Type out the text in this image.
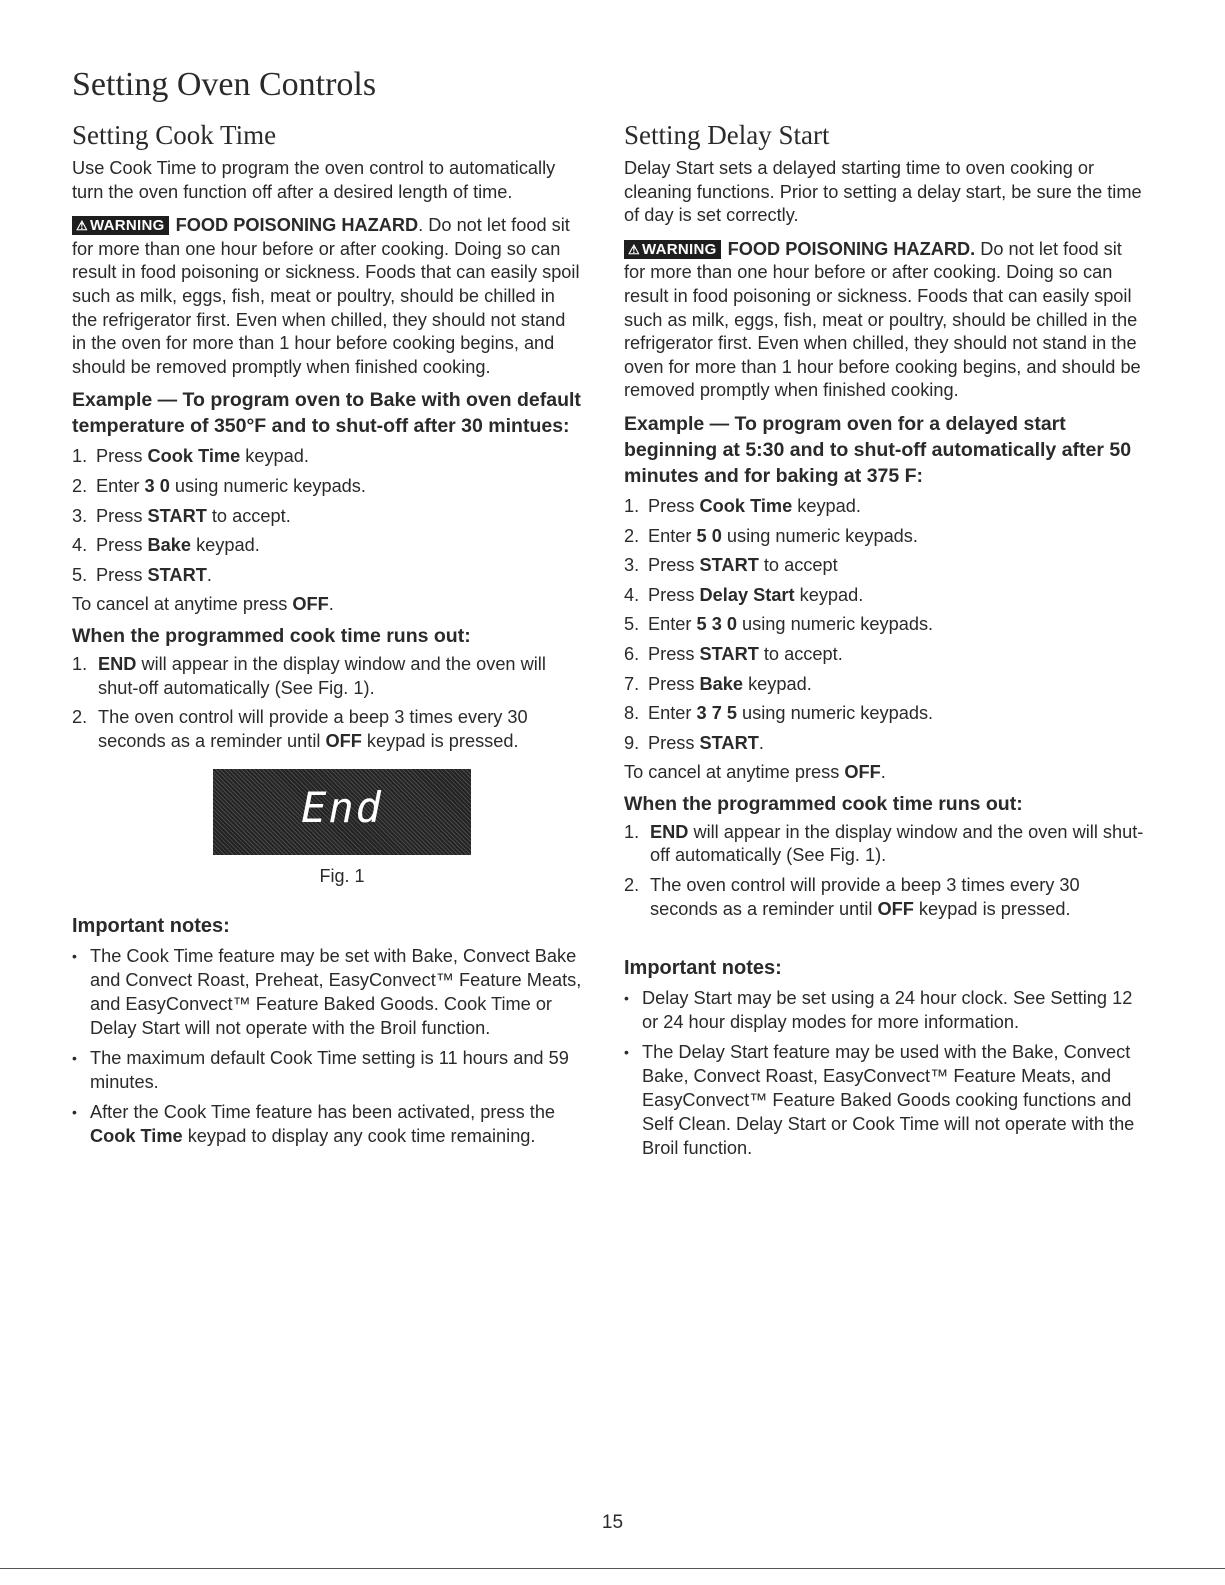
Setting Oven Controls
Setting Cook Time

Use Cook Time to program the oven control to automatically turn the oven function off after a desired length of time.

⚠ WARNING FOOD POISONING HAZARD. Do not let food sit for more than one hour before or after cooking. Doing so can result in food poisoning or sickness. Foods that can easily spoil such as milk, eggs, fish, meat or poultry, should be chilled in the refrigerator first. Even when chilled, they should not stand in the oven for more than 1 hour before cooking begins, and should be removed promptly when finished cooking.

Example — To program oven to Bake with oven default temperature of 350°F and to shut-off after 30 mintues:
1. Press Cook Time keypad.
2. Enter 3 0 using numeric keypads.
3. Press START to accept.
4. Press Bake keypad.
5. Press START.
To cancel at anytime press OFF.
When the programmed cook time runs out:
1. END will appear in the display window and the oven will shut-off automatically (See Fig. 1).
2. The oven control will provide a beep 3 times every 30 seconds as a reminder until OFF keypad is pressed.
End
Fig. 1
Important notes:
• The Cook Time feature may be set with Bake, Convect Bake and Convect Roast, Preheat, EasyConvect™ Feature Meats, and EasyConvect™ Feature Baked Goods. Cook Time or Delay Start will not operate with the Broil function.
• The maximum default Cook Time setting is 11 hours and 59 minutes.
• After the Cook Time feature has been activated, press the Cook Time keypad to display any cook time remaining.
Setting Delay Start

Delay Start sets a delayed starting time to oven cooking or cleaning functions. Prior to setting a delay start, be sure the time of day is set correctly.

⚠ WARNING FOOD POISONING HAZARD. Do not let food sit for more than one hour before or after cooking. Doing so can result in food poisoning or sickness. Foods that can easily spoil such as milk, eggs, fish, meat or poultry, should be chilled in the refrigerator first. Even when chilled, they should not stand in the oven for more than 1 hour before cooking begins, and should be removed promptly when finished cooking.

Example — To program oven for a delayed start beginning at 5:30 and to shut-off automatically after 50 minutes and for baking at 375 F:
1. Press Cook Time keypad.
2. Enter 5 0 using numeric keypads.
3. Press START to accept
4. Press Delay Start keypad.
5. Enter 5 3 0 using numeric keypads.
6. Press START to accept.
7. Press Bake keypad.
8. Enter 3 7 5 using numeric keypads.
9. Press START.
To cancel at anytime press OFF.
When the programmed cook time runs out:
1. END will appear in the display window and the oven will shut-off automatically (See Fig. 1).
2. The oven control will provide a beep 3 times every 30 seconds as a reminder until OFF keypad is pressed.
Important notes:
• Delay Start may be set using a 24 hour clock. See Setting 12 or 24 hour display modes for more information.
• The Delay Start feature may be used with the Bake, Convect Bake, Convect Roast, EasyConvect™ Feature Meats, and EasyConvect™ Feature Baked Goods cooking functions and Self Clean. Delay Start or Cook Time will not operate with the Broil function.
15
